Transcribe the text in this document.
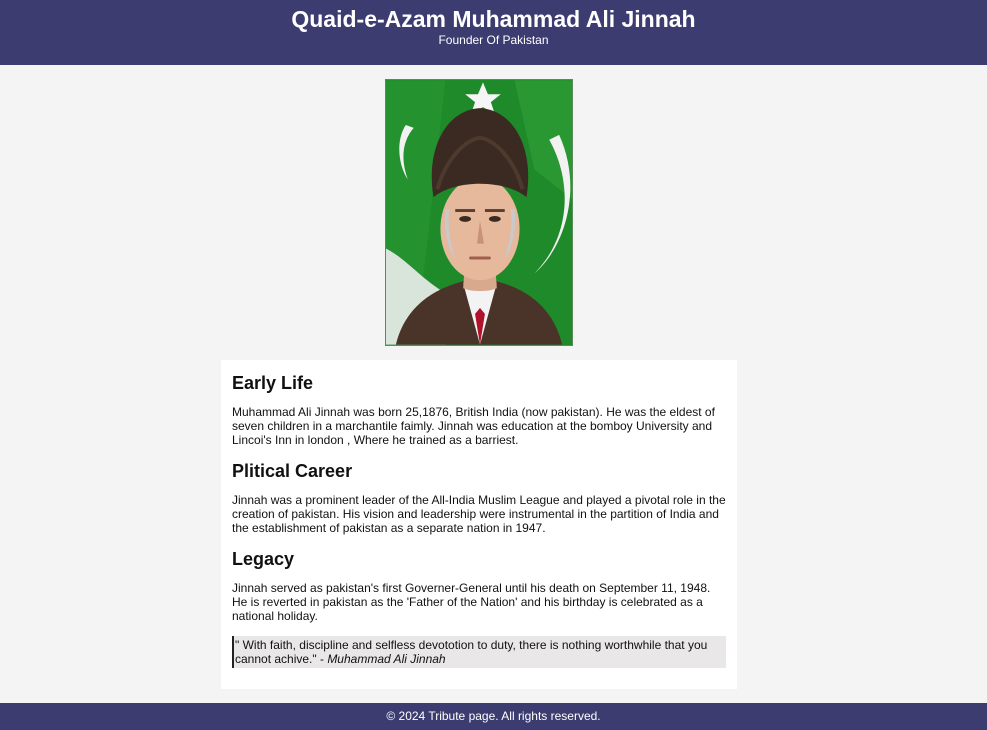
Quaid-e-Azam Muhammad Ali Jinnah

Founder Of Pakistan

Early Life

Muhammad Ali Jinnah was born 25,1876, British India (now pakistan). He was the eldest of seven children in a marchantile faimly. Jinnah was education at the bomboy University and Lincoi's Inn in london , Where he trained as a barriest.

Plitical Career

Jinnah was a prominent leader of the All-India Muslim League and played a pivotal role in the creation of pakistan. His vision and leadership were instrumental in the partition of India and the establishment of pakistan as a separate nation in 1947.

Legacy

Jinnah served as pakistan's first Governer-General until his death on September 11, 1948. He is reverted in pakistan as the 'Father of the Nation' and his birthday is celebrated as a national holiday.

" With faith, discipline and selfless devototion to duty, there is nothing worthwhile that you cannot achive." - Muhammad Ali Jinnah
© 2024 Tribute page. All rights reserved.
